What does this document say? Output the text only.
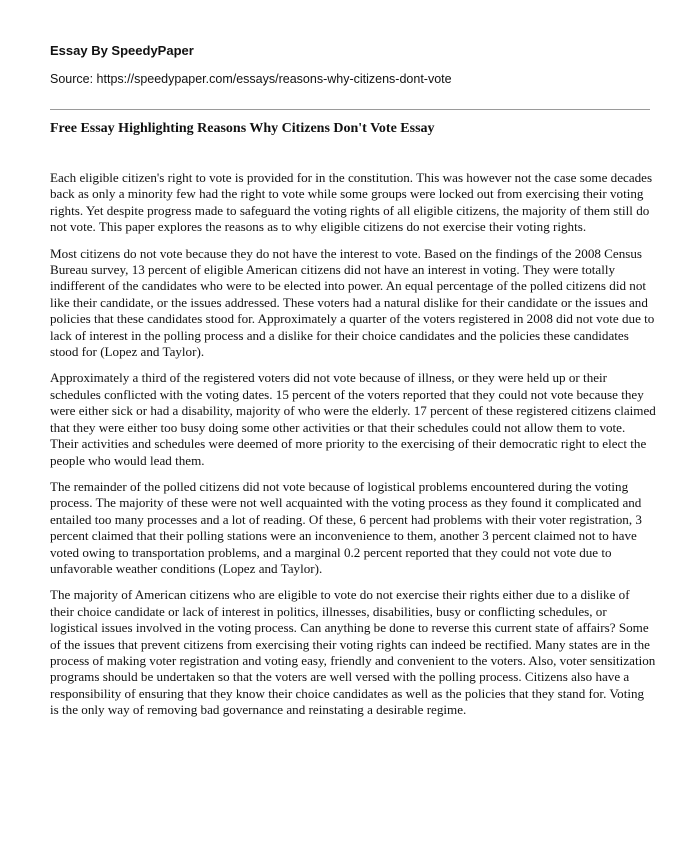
Essay By SpeedyPaper

Source: https://speedypaper.com/essays/reasons-why-citizens-dont-vote

Free Essay Highlighting Reasons Why Citizens Don't Vote Essay

Each eligible citizen's right to vote is provided for in the constitution. This was however not the case some decades back as only a minority few had the right to vote while some groups were locked out from exercising their voting rights. Yet despite progress made to safeguard the voting rights of all eligible citizens, the majority of them still do not vote. This paper explores the reasons as to why eligible citizens do not exercise their voting rights.

Most citizens do not vote because they do not have the interest to vote. Based on the findings of the 2008 Census Bureau survey, 13 percent of eligible American citizens did not have an interest in voting. They were totally indifferent of the candidates who were to be elected into power. An equal percentage of the polled citizens did not like their candidate, or the issues addressed. These voters had a natural dislike for their candidate or the issues and policies that these candidates stood for. Approximately a quarter of the voters registered in 2008 did not vote due to lack of interest in the polling process and a dislike for their choice candidates and the policies these candidates stood for (Lopez and Taylor).

Approximately a third of the registered voters did not vote because of illness, or they were held up or their schedules conflicted with the voting dates. 15 percent of the voters reported that they could not vote because they were either sick or had a disability, majority of who were the elderly. 17 percent of these registered citizens claimed that they were either too busy doing some other activities or that their schedules could not allow them to vote. Their activities and schedules were deemed of more priority to the exercising of their democratic right to elect the people who would lead them.

The remainder of the polled citizens did not vote because of logistical problems encountered during the voting process. The majority of these were not well acquainted with the voting process as they found it complicated and entailed too many processes and a lot of reading. Of these, 6 percent had problems with their voter registration, 3 percent claimed that their polling stations were an inconvenience to them, another 3 percent claimed not to have voted owing to transportation problems, and a marginal 0.2 percent reported that they could not vote due to unfavorable weather conditions (Lopez and Taylor).

The majority of American citizens who are eligible to vote do not exercise their rights either due to a dislike of their choice candidate or lack of interest in politics, illnesses, disabilities, busy or conflicting schedules, or logistical issues involved in the voting process. Can anything be done to reverse this current state of affairs? Some of the issues that prevent citizens from exercising their voting rights can indeed be rectified. Many states are in the process of making voter registration and voting easy, friendly and convenient to the voters. Also, voter sensitization programs should be undertaken so that the voters are well versed with the polling process. Citizens also have a responsibility of ensuring that they know their choice candidates as well as the policies that they stand for. Voting is the only way of removing bad governance and reinstating a desirable regime.
